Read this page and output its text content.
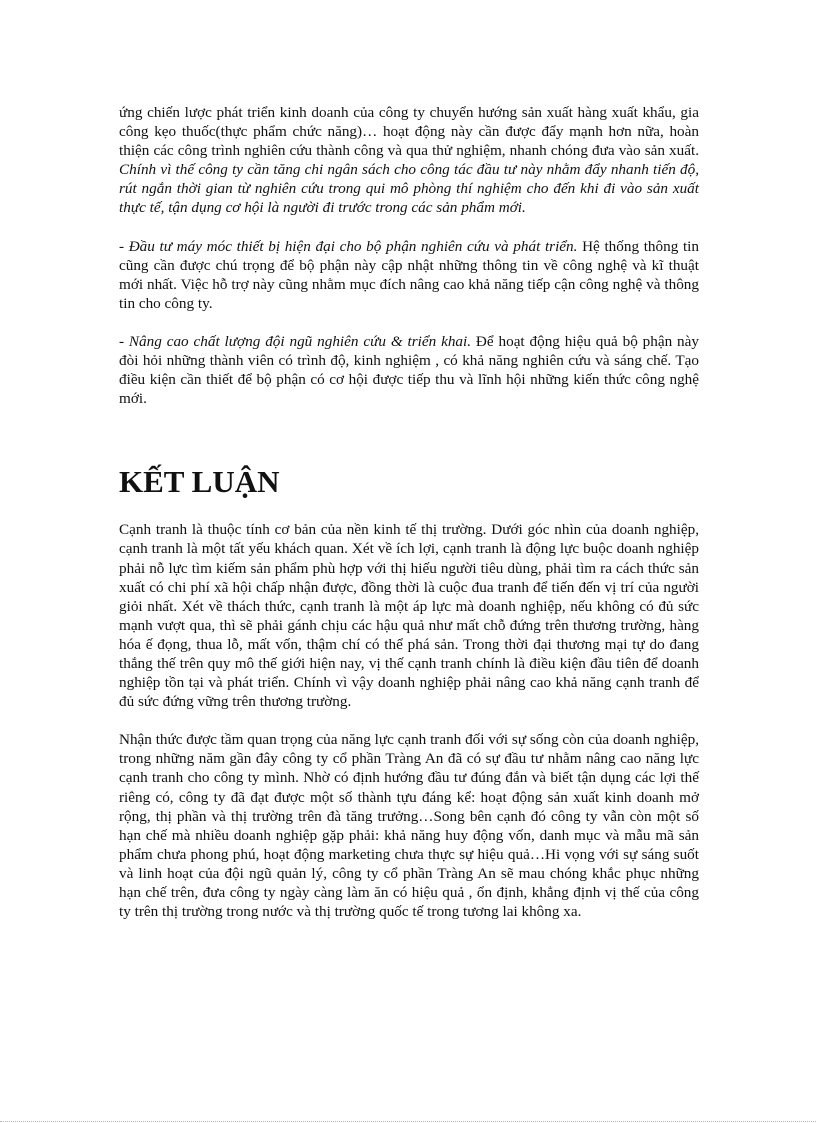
ứng chiến lược phát triển kinh doanh của công ty chuyển hướng sản xuất hàng xuất khẩu, gia công kẹo thuốc(thực phẩm chức năng)… hoạt động này cần được đẩy mạnh hơn nữa, hoàn thiện các công trình nghiên cứu thành công và qua thử nghiệm, nhanh chóng đưa vào sản xuất. Chính vì thế công ty cần tăng chi ngân sách cho công tác đầu tư này nhằm đẩy nhanh tiến độ, rút ngắn thời gian từ nghiên cứu trong qui mô phòng thí nghiệm cho đến khi đi vào sản xuất thực tế, tận dụng cơ hội là người đi trước trong các sản phẩm mới.

- Đầu tư máy móc thiết bị hiện đại cho bộ phận nghiên cứu và phát triển. Hệ thống thông tin cũng cần được chú trọng để bộ phận này cập nhật những thông tin về công nghệ và kĩ thuật mới nhất. Việc hỗ trợ này cũng nhằm mục đích nâng cao khả năng tiếp cận công nghệ và thông tin cho công ty.

- Nâng cao chất lượng đội ngũ nghiên cứu & triển khai. Để hoạt động hiệu quả bộ phận này đòi hỏi những thành viên có trình độ, kinh nghiệm , có khả năng nghiên cứu và sáng chế. Tạo điều kiện cần thiết để bộ phận có cơ hội được tiếp thu và lĩnh hội những kiến thức công nghệ mới.

KẾT LUẬN

Cạnh tranh là thuộc tính cơ bản của nền kinh tế thị trường. Dưới góc nhìn của doanh nghiệp, cạnh tranh là một tất yếu khách quan. Xét về ích lợi, cạnh tranh là động lực buộc doanh nghiệp phải nỗ lực tìm kiếm sản phẩm phù hợp với thị hiếu người tiêu dùng, phải tìm ra cách thức sản xuất có chi phí xã hội chấp nhận được, đồng thời là cuộc đua tranh để tiến đến vị trí của người giỏi nhất. Xét về thách thức, cạnh tranh là một áp lực mà doanh nghiệp, nếu không có đủ sức mạnh vượt qua, thì sẽ phải gánh chịu các hậu quả như mất chỗ đứng trên thương trường, hàng hóa ế đọng, thua lỗ, mất vốn, thậm chí có thể phá sản. Trong thời đại thương mại tự do đang thắng thế trên quy mô thế giới hiện nay, vị thế cạnh tranh chính là điều kiện đầu tiên để doanh nghiệp tồn tại và phát triển. Chính vì vậy doanh nghiệp phải nâng cao khả năng cạnh tranh để đủ sức đứng vững trên thương trường.

Nhận thức được tầm quan trọng của năng lực cạnh tranh đối với sự sống còn của doanh nghiệp, trong những năm gần đây công ty cổ phần Tràng An đã có sự đầu tư nhằm nâng cao năng lực cạnh tranh cho công ty mình. Nhờ có định hướng đầu tư đúng đắn và biết tận dụng các lợi thế riêng có, công ty đã đạt được một số thành tựu đáng kể: hoạt động sản xuất kinh doanh mở rộng, thị phần và thị trường trên đà tăng trưởng…Song bên cạnh đó công ty vẫn còn một số hạn chế mà nhiều doanh nghiệp gặp phải: khả năng huy động vốn, danh mục và mẫu mã sản phẩm chưa phong phú, hoạt động marketing chưa thực sự hiệu quả…Hi vọng với sự sáng suốt và linh hoạt của đội ngũ quản lý, công ty cổ phần Tràng An sẽ mau chóng khắc phục những hạn chế trên, đưa công ty ngày càng làm ăn có hiệu quả , ổn định, khẳng định vị thế của công ty trên thị trường trong nước và thị trường quốc tế trong tương lai không xa.
